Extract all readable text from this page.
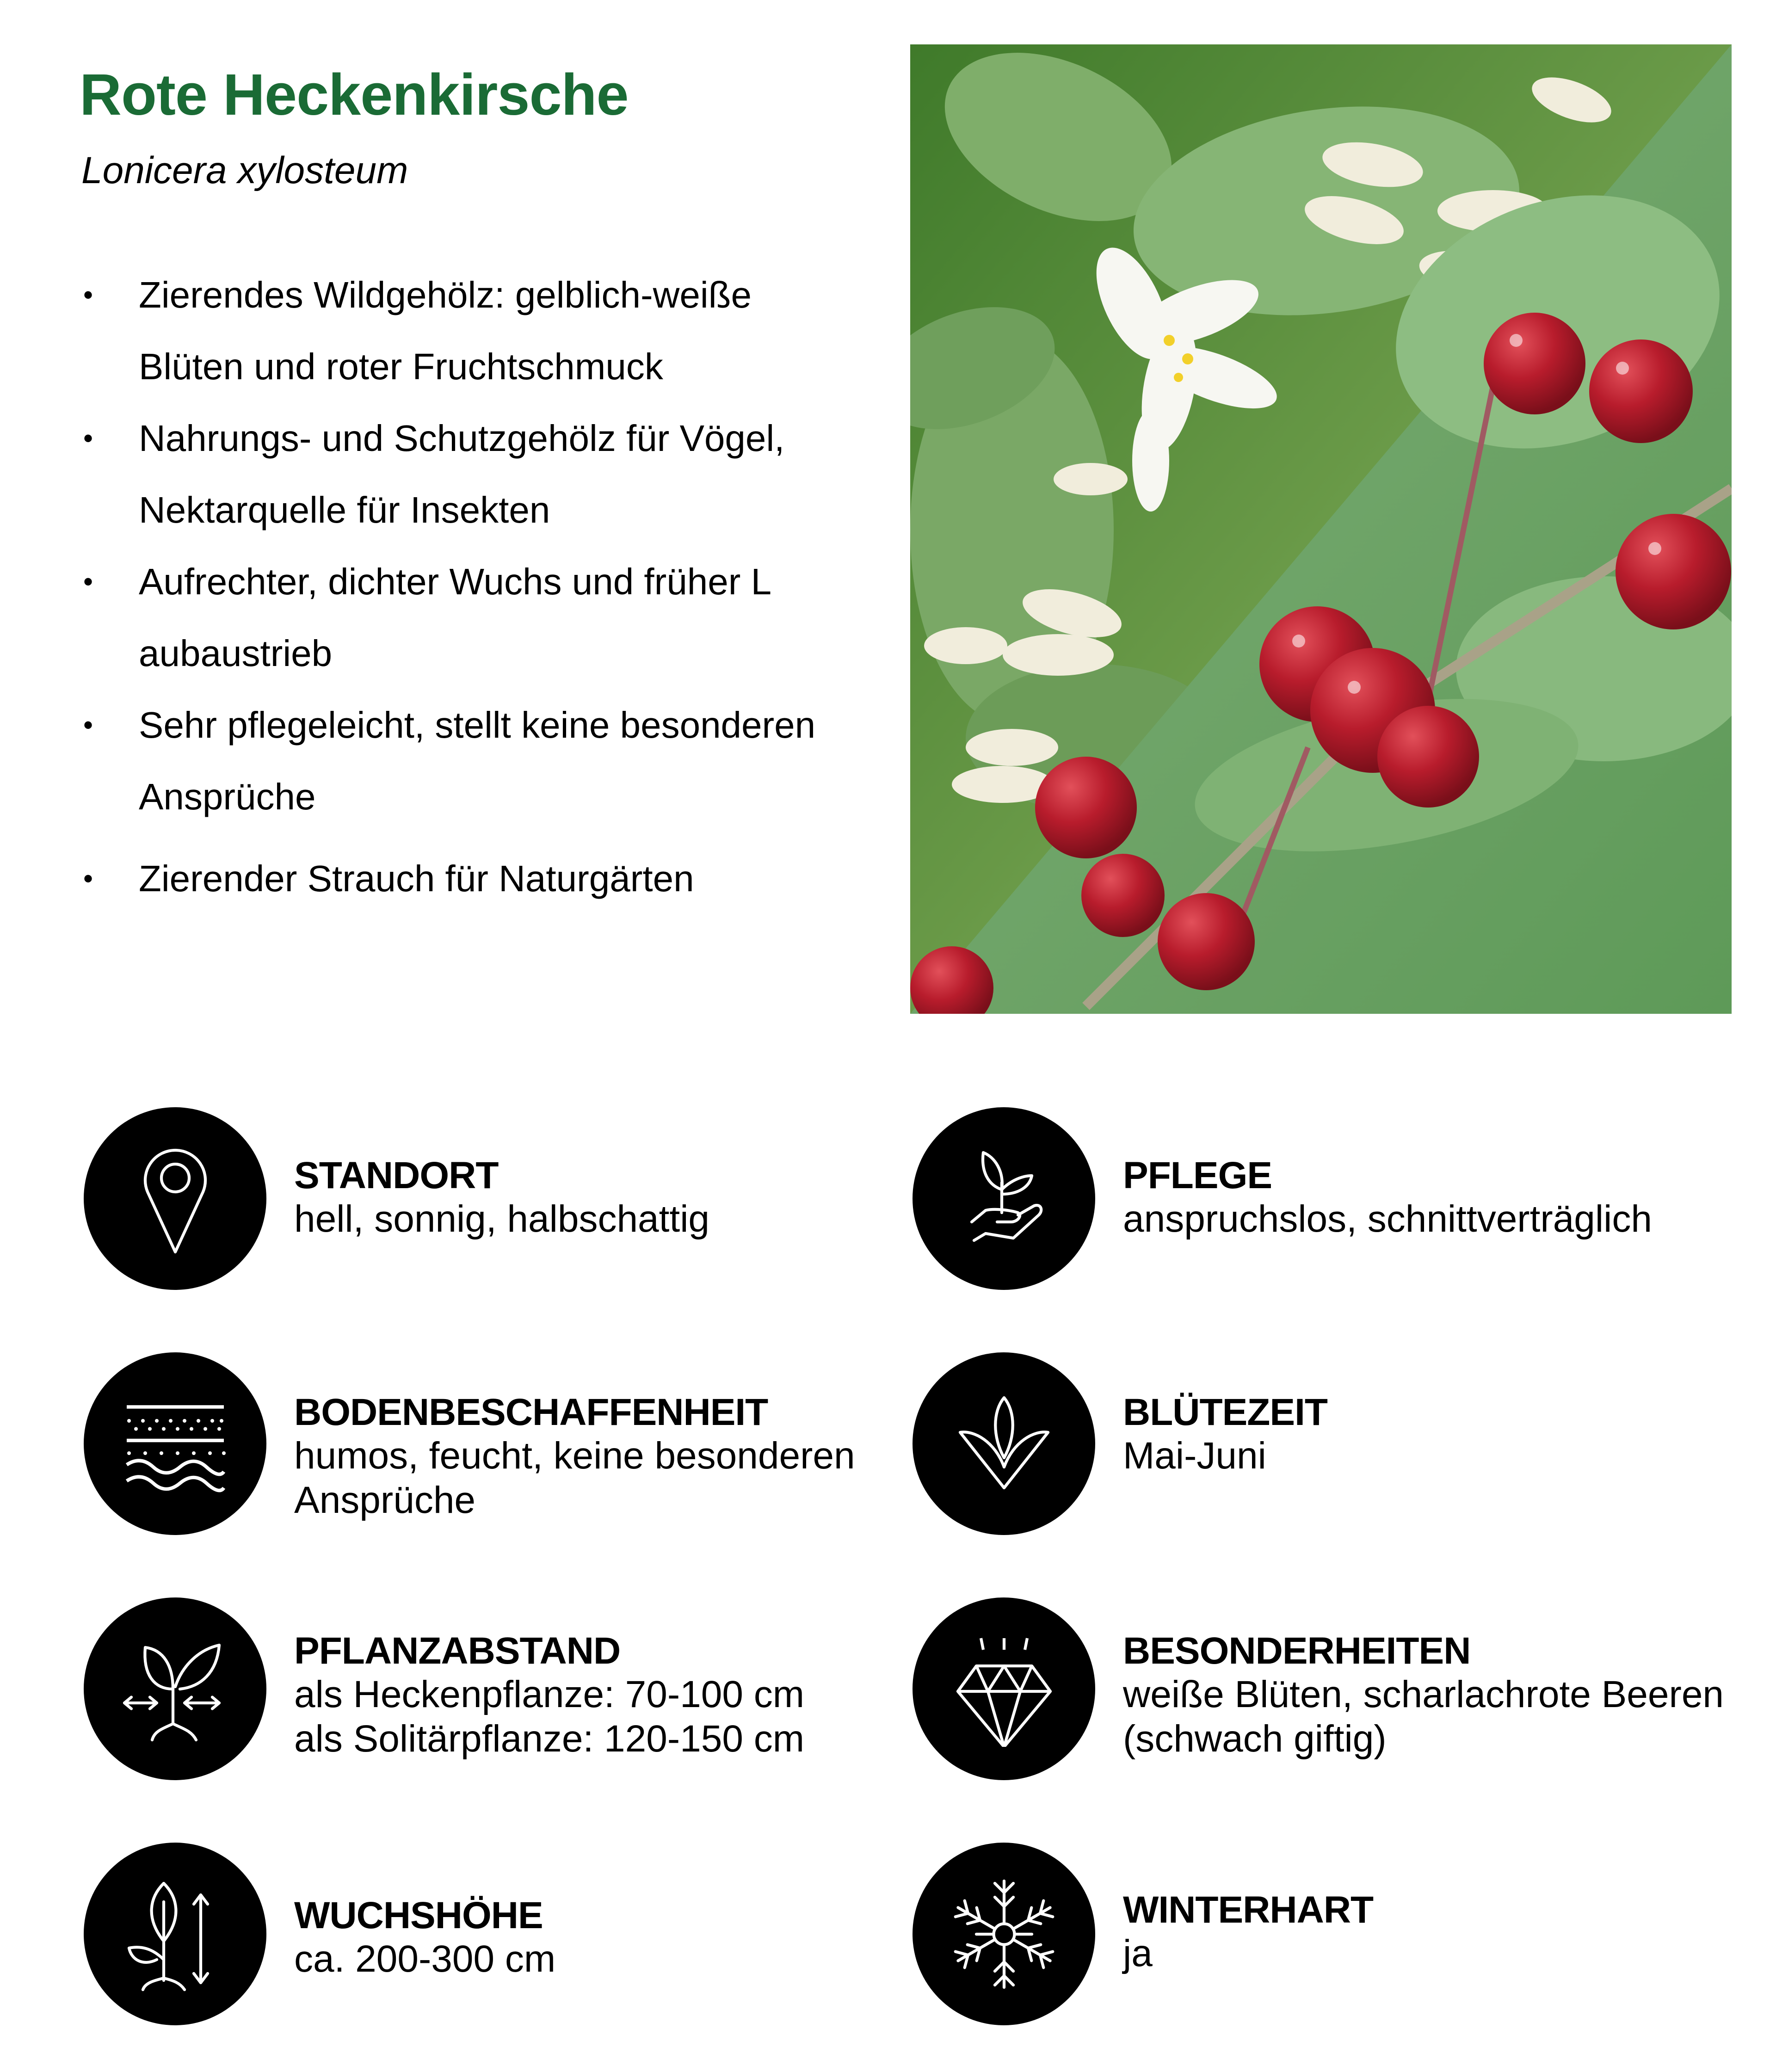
Rote Heckenkirsche
Lonicera xylosteum
• Zierendes Wildgehölz: gelblich-weiße
Blüten und roter Fruchtschmuck
• Nahrungs- und Schutzgehölz für Vögel,
Nektarquelle für Insekten
• Aufrechter, dichter Wuchs und früher L
aubaustrieb
• Sehr pflegeleicht, stellt keine besonderen
Ansprüche
• Zierender Strauch für Naturgärten
STANDORT
hell, sonnig, halbschattig
PFLEGE
anspruchslos, schnittverträglich
BODENBESCHAFFENHEIT
humos, feucht, keine besonderen
Ansprüche
BLÜTEZEIT
Mai-Juni
PFLANZABSTAND
als Heckenpflanze: 70-100 cm
als Solitärpflanze: 120-150 cm
BESONDERHEITEN
weiße Blüten, scharlachrote Beeren
(schwach giftig)
WUCHSHÖHE
ca. 200-300 cm
WINTERHART
ja
